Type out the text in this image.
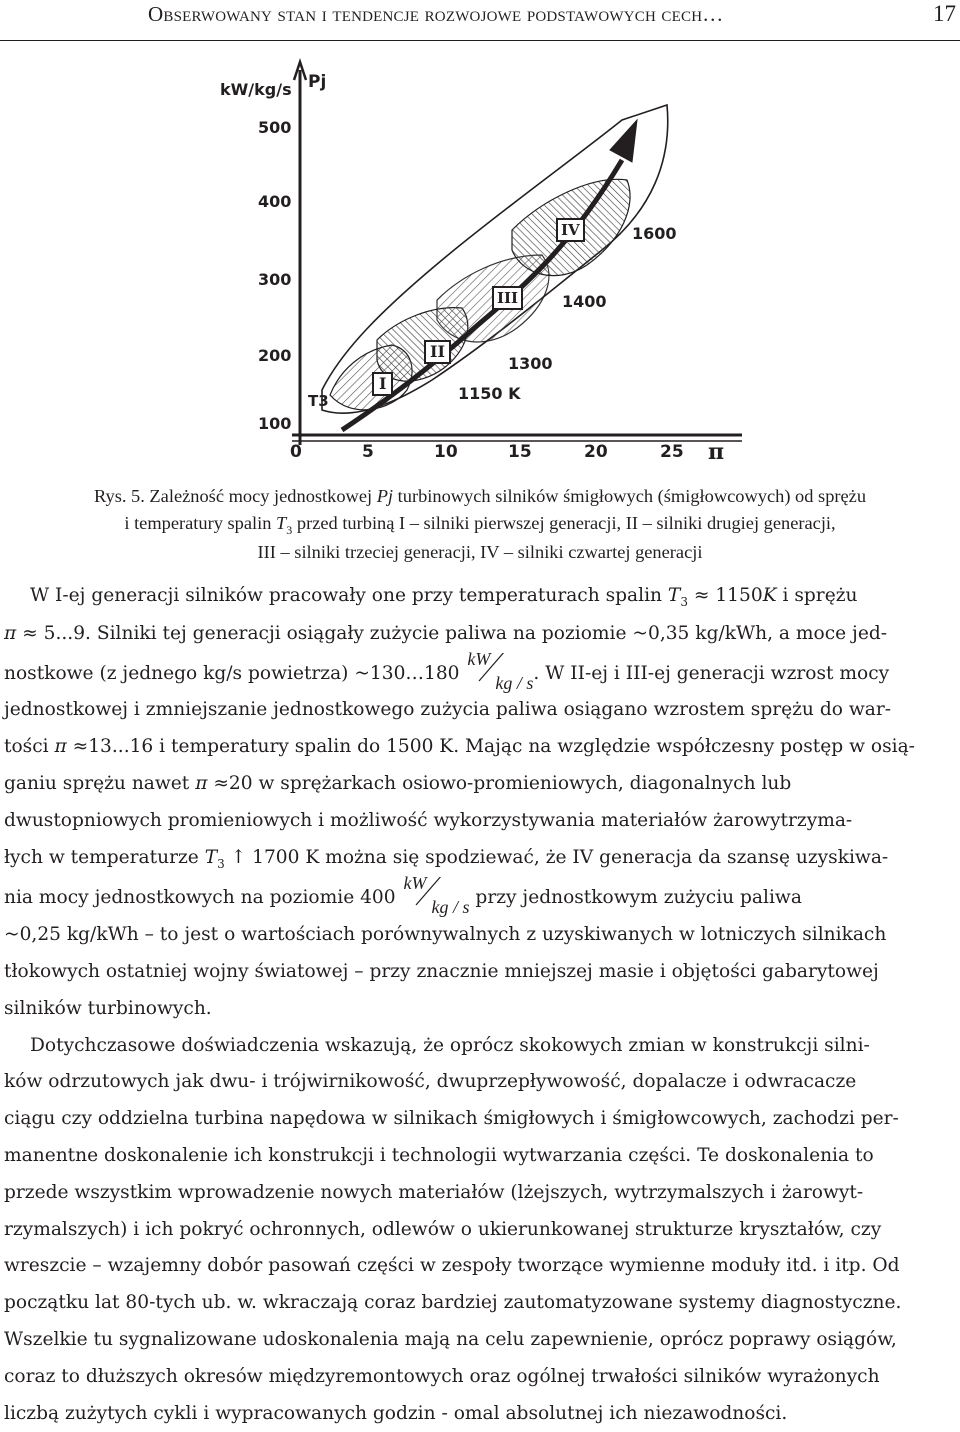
Obserwowany stan i tendencje rozwojowe podstawowych cech…	17
kW/kg/s Pj
500
400
300
200
100
T3
0	5	10	15	20	25 π
I
II
III
IV
1150 K
1300
1400
1600
Rys. 5. Zależność mocy jednostkowej Pj turbinowych silników śmigłowych (śmigłowcowych) od sprężu
i temperatury spalin $T_3$ przed turbiną I – silniki pierwszej generacji, II – silniki drugiej generacji,
III – silniki trzeciej generacji, IV – silniki czwartej generacji
W I-ej generacji silników pracowały one przy temperaturach spalin $T_3 \approx 1150K$ i sprężu
π ≈ 5...9. Silniki tej generacji osiągały zużycie paliwa na poziomie ~0,35 kg/kWh, a moce jed-
nostkowe (z jednego kg/s powietrza) ~130…180
kW
kg / s . W II-ej i III-ej generacji wzrost mocy
jednostkowej i zmniejszanie jednostkowego zużycia paliwa osiągano wzrostem sprężu do war-
tości π ≈13...16 i temperatury spalin do 1500 K. Mając na względzie współczesny postęp w osią-
ganiu sprężu nawet π ≈20 w sprężarkach osiowo-promieniowych, diagonalnych lub
dwustopniowych promieniowych i możliwość wykorzystywania materiałów żarowytrzyma-
łych w temperaturze $T_3$ ↑ 1700 K można się spodziewać, że IV generacja da szansę uzyskiwa-
nia mocy jednostkowych na poziomie 400
kW
kg / s przy jednostkowym zużyciu paliwa
~0,25 kg/kWh – to jest o wartościach porównywalnych z uzyskiwanych w lotniczych silnikach
tłokowych ostatniej wojny światowej – przy znacznie mniejszej masie i objętości gabarytowej
silników turbinowych.
Dotychczasowe doświadczenia wskazują, że oprócz skokowych zmian w konstrukcji silni-
ków odrzutowych jak dwu- i trójwirnikowość, dwuprzepływowość, dopalacze i odwracacze
ciągu czy oddzielna turbina napędowa w silnikach śmigłowych i śmigłowcowych, zachodzi per-
manentne doskonalenie ich konstrukcji i technologii wytwarzania części. Te doskonalenia to
przede wszystkim wprowadzenie nowych materiałów (lżejszych, wytrzymalszych i żarowyt-
rzymalszych) i ich pokryć ochronnych, odlewów o ukierunkowanej strukturze kryształów, czy
wreszcie – wzajemny dobór pasowań części w zespoły tworzące wymienne moduły itd. i itp. Od
początku lat 80-tych ub. w. wkraczają coraz bardziej zautomatyzowane systemy diagnostyczne.
Wszelkie tu sygnalizowane udoskonalenia mają na celu zapewnienie, oprócz poprawy osiągów,
coraz to dłuższych okresów międzyremontowych oraz ogólnej trwałości silników wyrażonych
liczbą zużytych cykli i wypracowanych godzin - omal absolutnej ich niezawodności.
